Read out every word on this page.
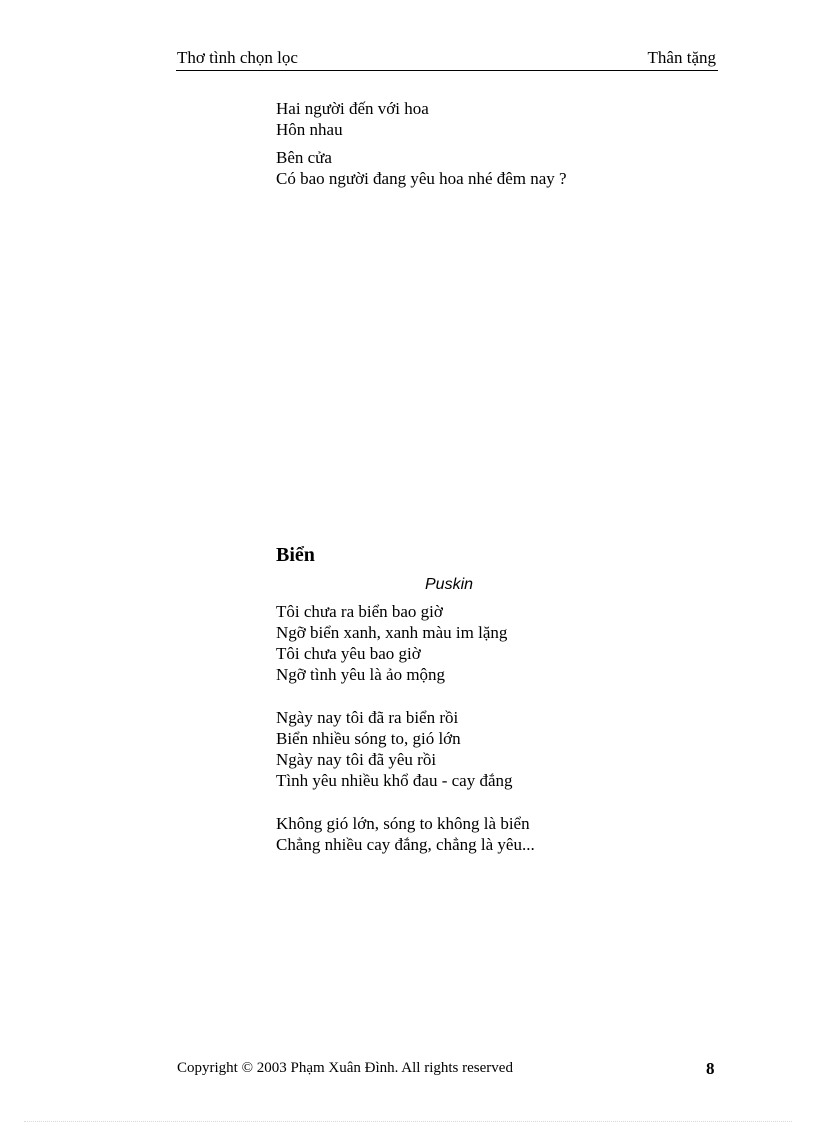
Thơ tình chọn lọc	Thân tặng
Hai người đến với hoa
Hôn nhau
Bên cửa
Có bao người đang yêu hoa nhé đêm nay ?
Biển
Puskin
Tôi chưa ra biển bao giờ
Ngỡ biển xanh, xanh màu im lặng
Tôi chưa yêu bao giờ
Ngỡ tình yêu là ảo mộng
Ngày nay tôi đã ra biển rồi
Biển nhiều sóng to, gió lớn
Ngày nay tôi đã yêu rồi
Tình yêu nhiều khổ đau - cay đắng
Không gió lớn, sóng to không là biển
Chẳng nhiều cay đắng, chẳng là yêu...
Copyright © 2003 Phạm Xuân Đình. All rights reserved	8
